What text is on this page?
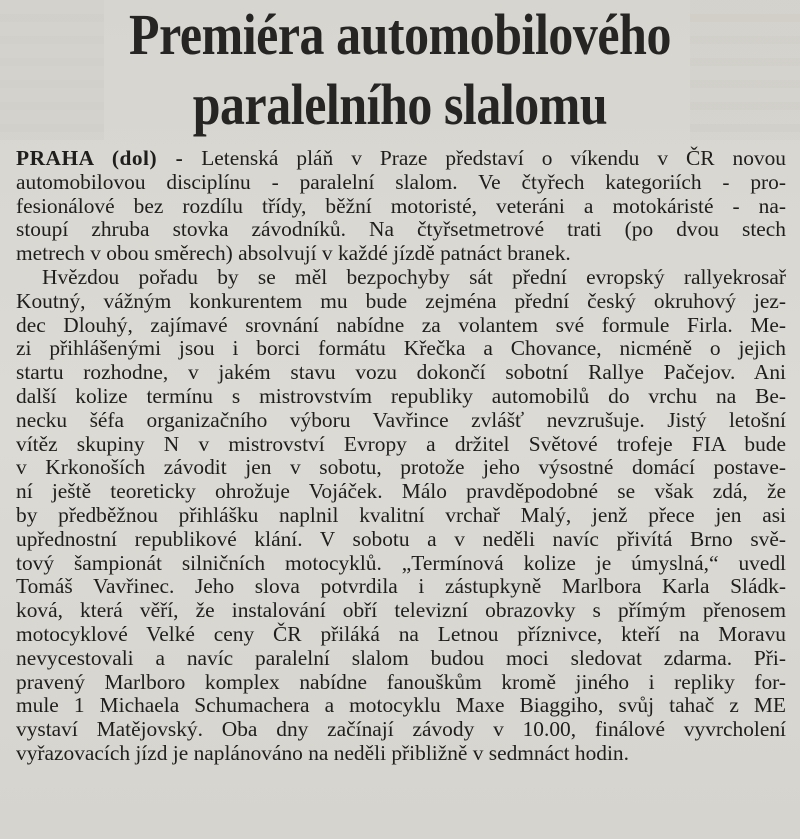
Premiéra automobilového
paralelního slalomu
PRAHA (dol) - Letenská pláň v Praze představí o víkendu v ČR novou
automobilovou disciplínu - paralelní slalom. Ve čtyřech kategoriích - pro-
fesionálové bez rozdílu třídy, běžní motoristé, veteráni a motokáristé - na-
stoupí zhruba stovka závodníků. Na čtyřsetmetrové trati (po dvou stech
metrech v obou směrech) absolvují v každé jízdě patnáct branek.
Hvězdou pořadu by se měl bezpochyby sát přední evropský rallyekrosař
Koutný, vážným konkurentem mu bude zejména přední český okruhový jez-
dec Dlouhý, zajímavé srovnání nabídne za volantem své formule Firla. Me-
zi přihlášenými jsou i borci formátu Křečka a Chovance, nicméně o jejich
startu rozhodne, v jakém stavu vozu dokončí sobotní Rallye Pačejov. Ani
další kolize termínu s mistrovstvím republiky automobilů do vrchu na Be-
necku šéfa organizačního výboru Vavřince zvlášť nevzrušuje. Jistý letošní
vítěz skupiny N v mistrovství Evropy a držitel Světové trofeje FIA bude
v Krkonoších závodit jen v sobotu, protože jeho výsostné domácí postave-
ní ještě teoreticky ohrožuje Vojáček. Málo pravděpodobné se však zdá, že
by předběžnou přihlášku naplnil kvalitní vrchař Malý, jenž přece jen asi
upřednostní republikové klání. V sobotu a v neděli navíc přivítá Brno svě-
tový šampionát silničních motocyklů. „Termínová kolize je úmyslná,“ uvedl
Tomáš Vavřinec. Jeho slova potvrdila i zástupkyně Marlbora Karla Sládk-
ková, která věří, že instalování obří televizní obrazovky s přímým přenosem
motocyklové Velké ceny ČR přiláká na Letnou příznivce, kteří na Moravu
nevycestovali a navíc paralelní slalom budou moci sledovat zdarma. Při-
pravený Marlboro komplex nabídne fanouškům kromě jiného i repliky for-
mule 1 Michaela Schumachera a motocyklu Maxe Biaggiho, svůj tahač z ME
vystaví Matějovský. Oba dny začínají závody v 10.00, finálové vyvrcholení
vyřazovacích jízd je naplánováno na neděli přibližně v sedmnáct hodin.
